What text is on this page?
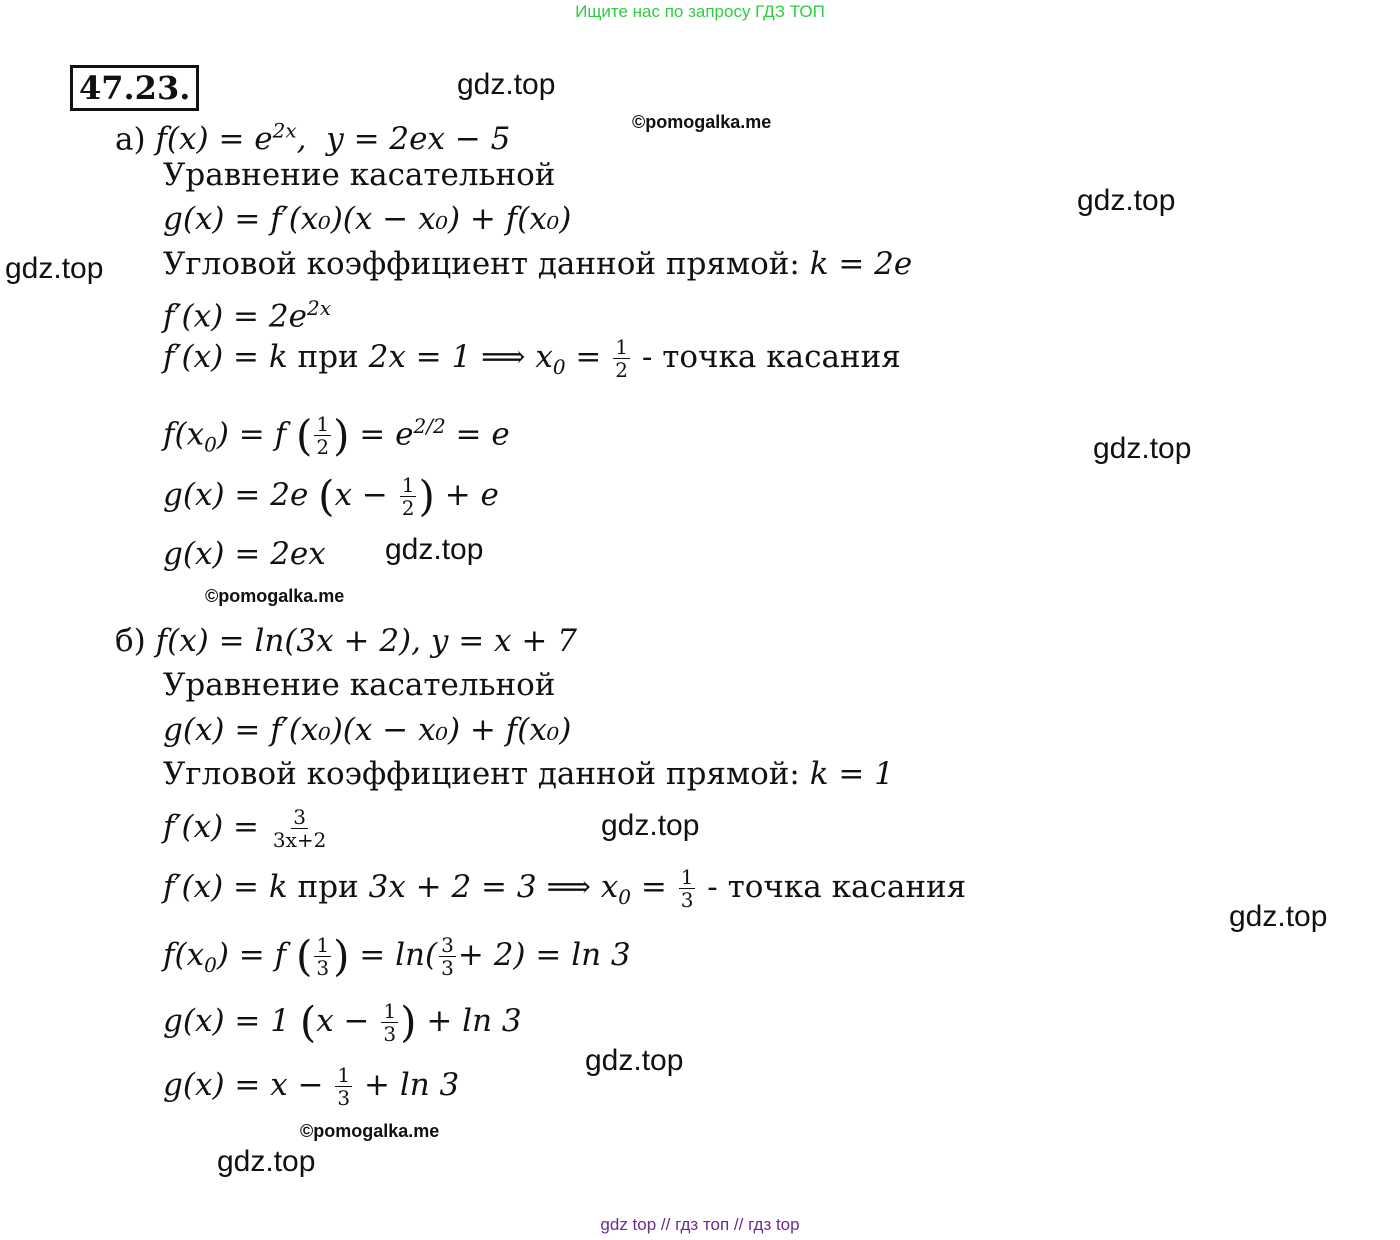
Ищите нас по запросу ГДЗ ТОП
47.23.	gdz.top
©pomogalka.me
gdz.top
gdz.top
gdz.top
gdz.top
©pomogalka.me
gdz.top
gdz.top
gdz.top
©pomogalka.me
gdz.top
а) $f(x) = e^{2x}$,  y = 2ex − 5
Уравнение касательной
g(x) = f′(x₀)(x − x₀) + f(x₀)
Угловой коэффициент данной прямой: k = 2e
$f'(x) = 2e^{2x}$
f′(x) = k при 2x = 1 ⟹ $x_0 = \frac{1}{2}$ - точка касания
$f(x_0) = f$ ( $\frac{1}{2}$ ) = $e^{2/2} = e$
g(x) = 2e ($x - \frac{1}{2}$ ) + e
g(x) = 2ex
б) f(x) = ln(3x + 2), y = x + 7
Уравнение касательной
g(x) = f′(x₀)(x − x₀) + f(x₀)
Угловой коэффициент данной прямой: k = 1
$f'(x) = \frac{3}{3x+2}$
f′(x) = k при 3x + 2 = 3 ⟹ $x_0 = \frac{1}{3}$ - точка касания
$f(x_0) = f$ ( $\frac{1}{3}$ ) = $\ln( \frac{3}{3} + 2) = \ln 3$
g(x) = 1 ($x - \frac{1}{3}$ ) + ln 3
$g(x) = x - \frac{1}{3} + \ln 3$
gdz top // гдз топ // гдз top
